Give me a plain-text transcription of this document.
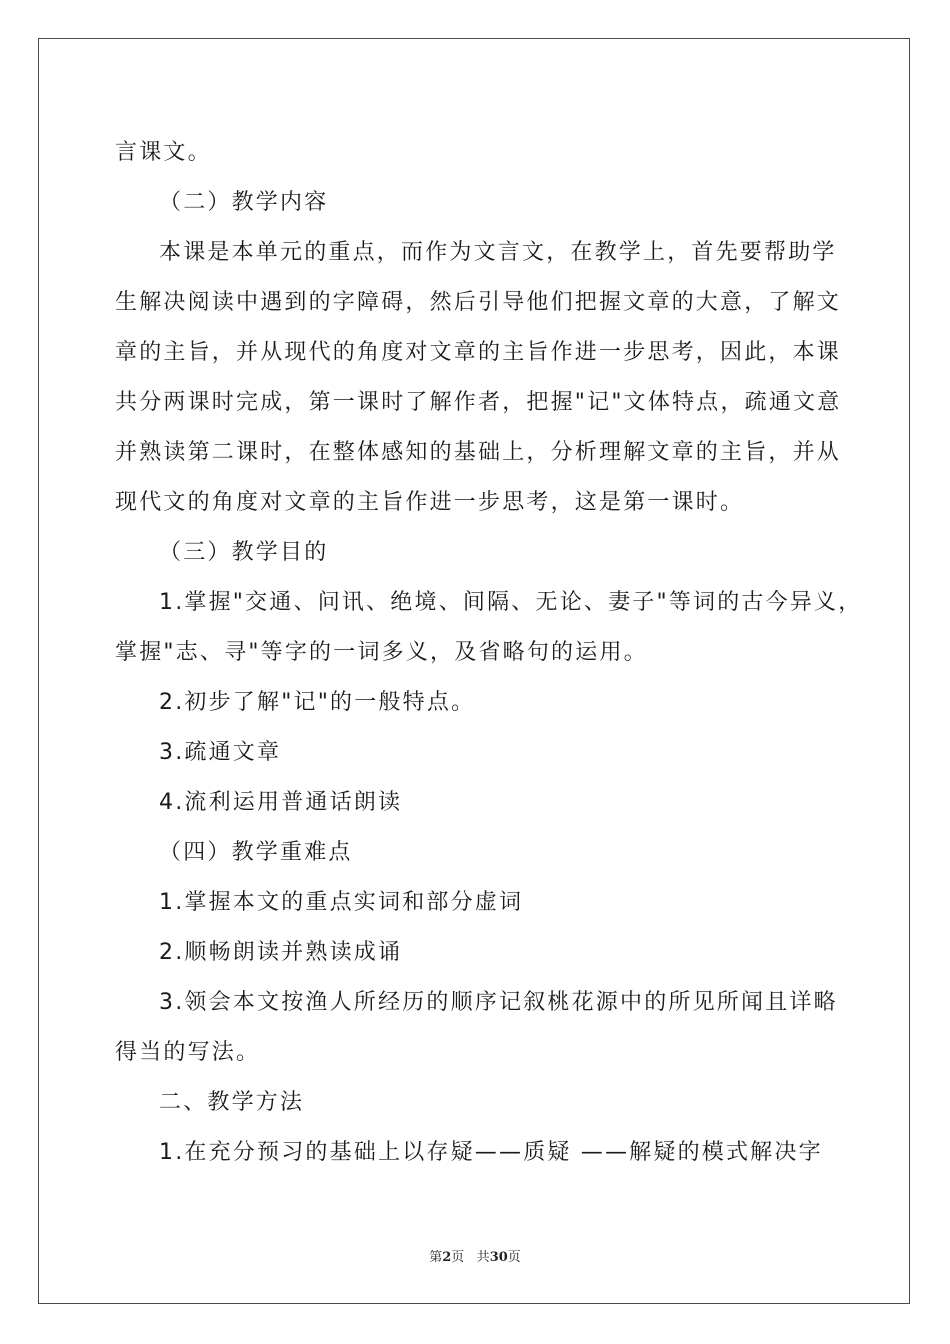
言课文。
（二）教学内容
本课是本单元的重点，而作为文言文，在教学上，首先要帮助学
生解决阅读中遇到的字障碍，然后引导他们把握文章的大意，了解文
章的主旨，并从现代的角度对文章的主旨作进一步思考，因此，本课
共分两课时完成，第一课时了解作者，把握"记"文体特点，疏通文意
并熟读第二课时，在整体感知的基础上，分析理解文章的主旨，并从
现代文的角度对文章的主旨作进一步思考，这是第一课时。
（三）教学目的
1.掌握"交通、问讯、绝境、间隔、无论、妻子"等词的古今异义，
掌握"志、寻"等字的一词多义，及省略句的运用。
2.初步了解"记"的一般特点。
3.疏通文章
4.流利运用普通话朗读
（四）教学重难点
1.掌握本文的重点实词和部分虚词
2.顺畅朗读并熟读成诵
3.领会本文按渔人所经历的顺序记叙桃花源中的所见所闻且详略
得当的写法。
二、教学方法
1.在充分预习的基础上以存疑——质疑 ——解疑的模式解决字
第2页 共30页
